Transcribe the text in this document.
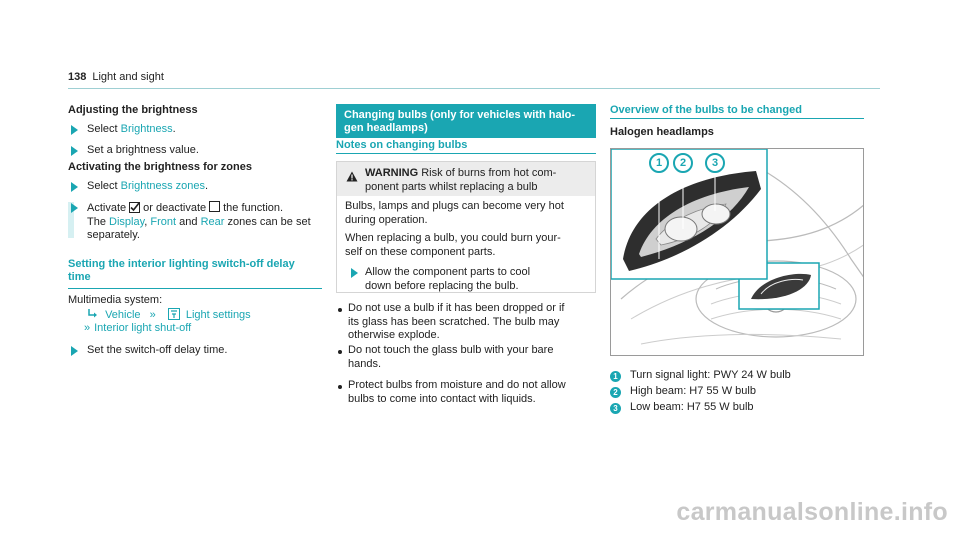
138 Light and sight
Adjusting the brightness
Select Brightness.
Set a brightness value.
Activating the brightness for zones
Select Brightness zones.
Activate or deactivate the function.
The Display, Front and Rear zones can be set
separately.
Setting the interior lighting switch-off delay
time
Multimedia system:
Vehicle »	Light settings
» Interior light shut-off
Set the switch-off delay time.
Changing bulbs (only for vehicles with halo-
gen headlamps)
Notes on changing bulbs
WARNING Risk of burns from hot com-
ponent parts whilst replacing a bulb
Bulbs, lamps and plugs can become very hot
during operation.
When replacing a bulb, you could burn your-
self on these component parts.
Allow the component parts to cool
down before replacing the bulb.
Do not use a bulb if it has been dropped or if
its glass has been scratched. The bulb may
otherwise explode.
Do not touch the glass bulb with your bare
hands.
Protect bulbs from moisture and do not allow
bulbs to come into contact with liquids.
Overview of the bulbs to be changed
Halogen headlamps
1	2	3
1 Turn signal light: PWY 24 W bulb
2 High beam: H7 55 W bulb
3 Low beam: H7 55 W bulb
carmanualsonline.info
